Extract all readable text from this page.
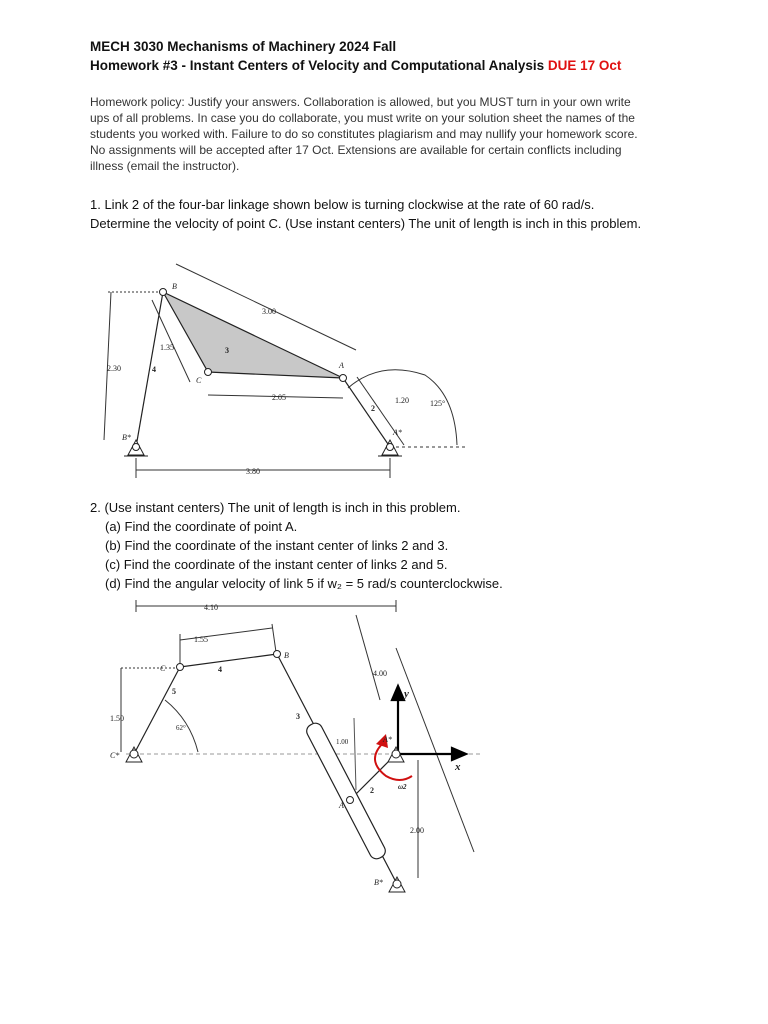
MECH 3030 Mechanisms of Machinery 2024 Fall
Homework #3 - Instant Centers of Velocity and Computational Analysis DUE 17 Oct
Homework policy: Justify your answers. Collaboration is allowed, but you MUST turn in your own write
ups of all problems. In case you do collaborate, you must write on your solution sheet the names of the
students you worked with. Failure to do so constitutes plagiarism and may nullify your homework score.
No assignments will be accepted after 17 Oct. Extensions are available for certain conflicts including
illness (email the instructor).
1. Link 2 of the four-bar linkage shown below is turning clockwise at the rate of 60 rad/s.
Determine the velocity of point C. (Use instant centers) The unit of length is inch in this problem.
B
A
C
B*
A*
3
4
2
3.00
1.35
2.30
2.05	1.20	125°
3.80
2. (Use instant centers) The unit of length is inch in this problem.
(a) Find the coordinate of point A.
(b) Find the coordinate of the instant center of links 2 and 3.
(c) Find the coordinate of the instant center of links 2 and 5.
(d) Find the angular velocity of link 5 if w₂ = 5 rad/s counterclockwise.
C
B
A
C*
A*
B*
2
3
4
5
x
y
ω2
4.10
1.55
4.00
1.50
62°
1.00
2.00
